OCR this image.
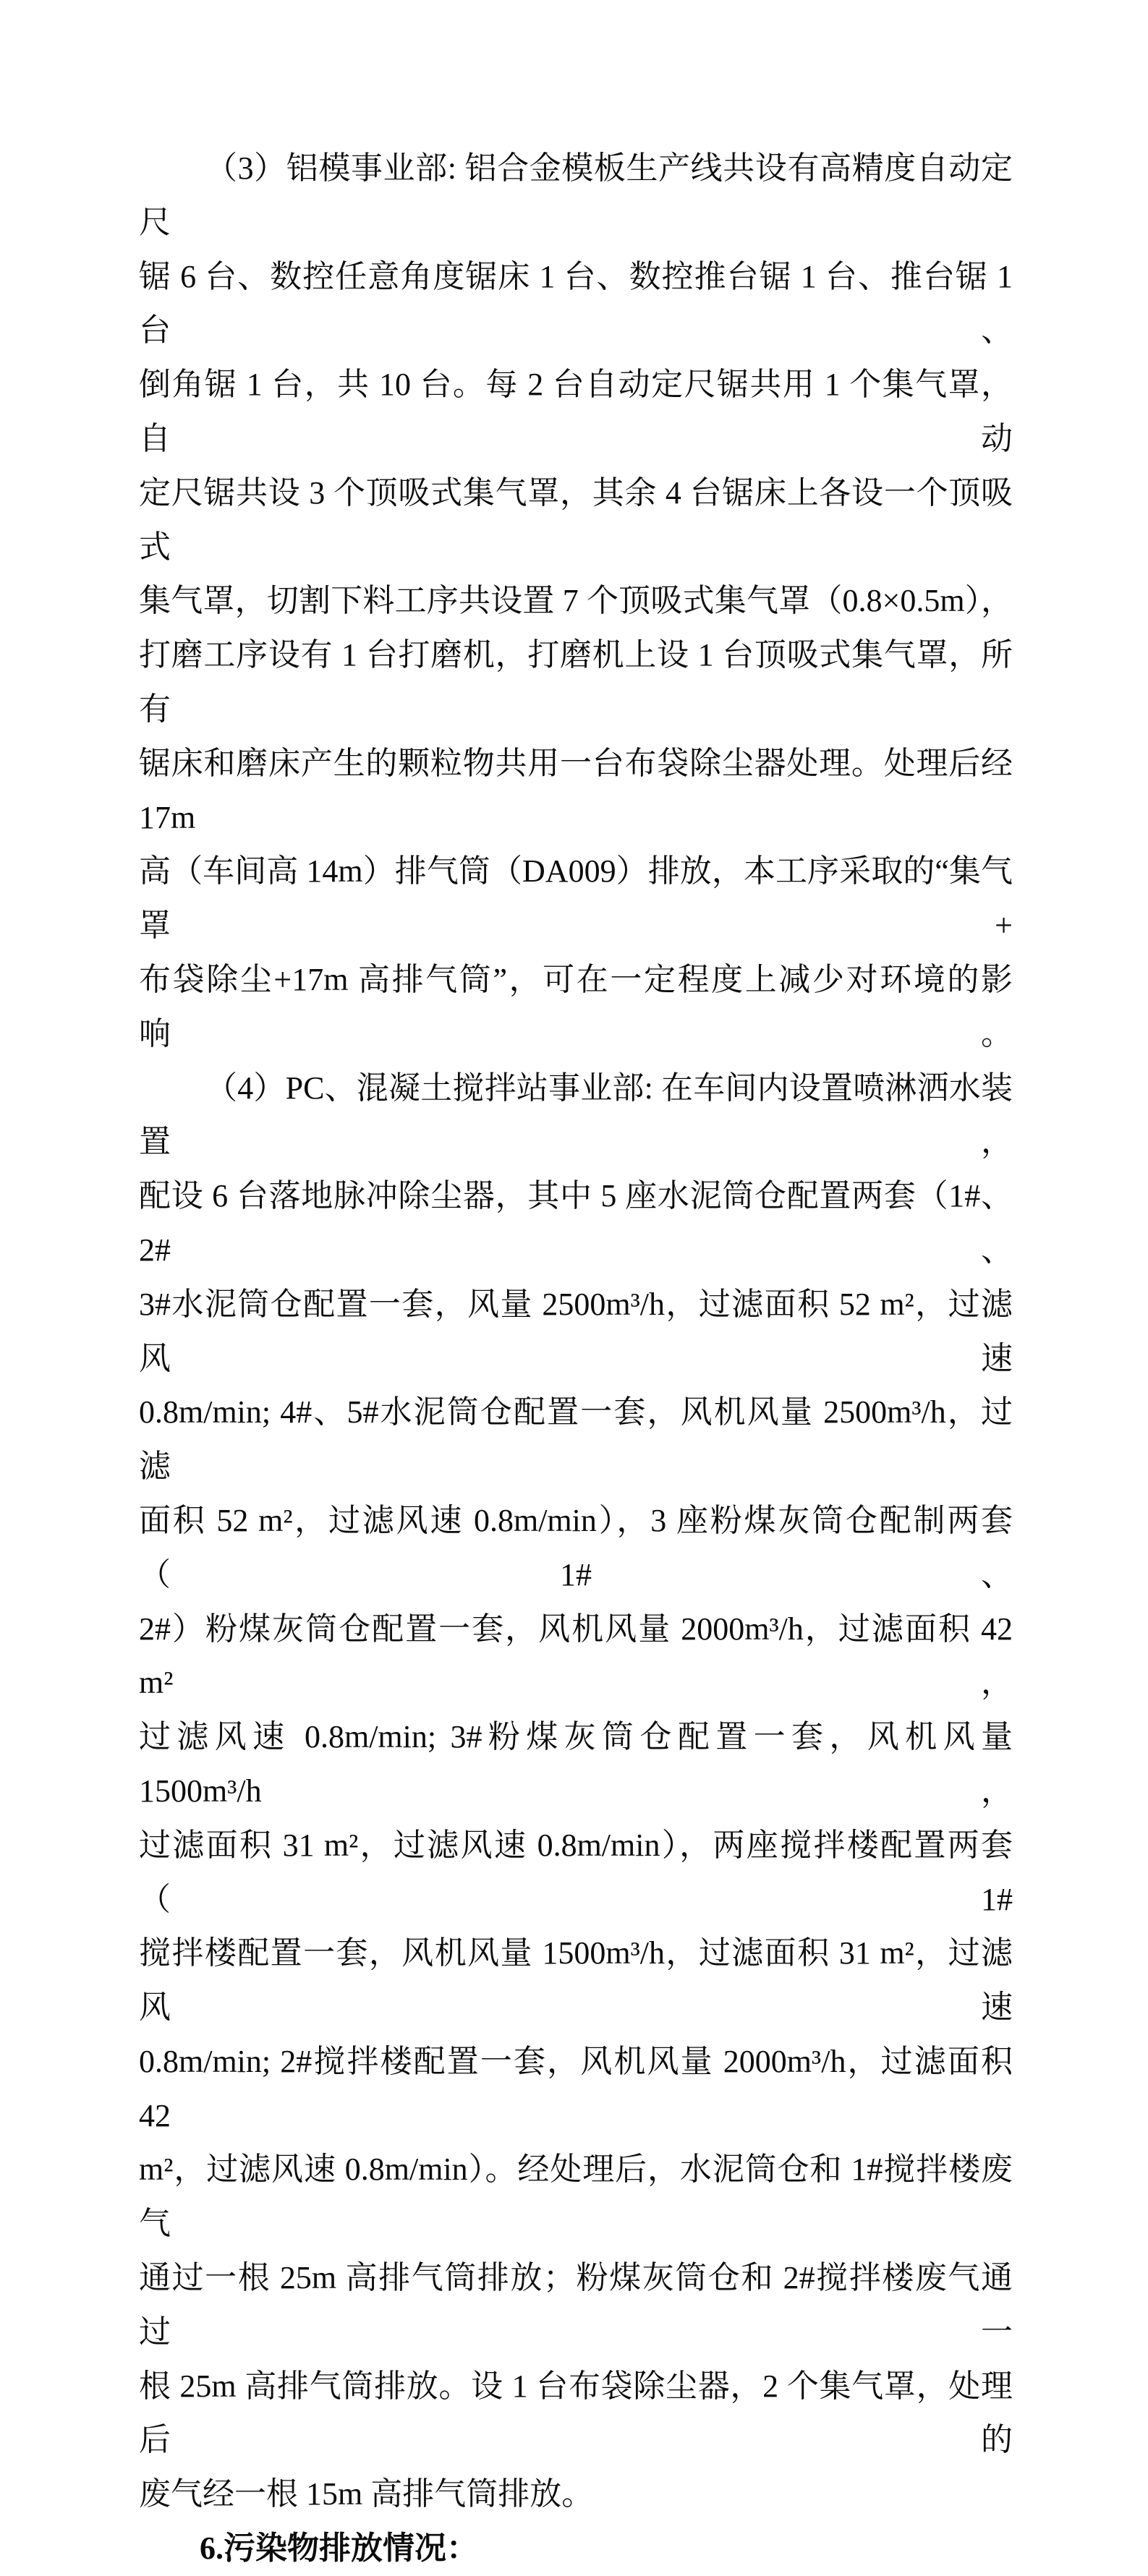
（3）铝模事业部: 铝合金模板生产线共设有高精度自动定尺

锯 6 台、数控任意角度锯床 1 台、数控推台锯 1 台、推台锯 1 台、

倒角锯 1 台，共 10 台。每 2 台自动定尺锯共用 1 个集气罩，自动

定尺锯共设 3 个顶吸式集气罩，其余 4 台锯床上各设一个顶吸式

集气罩，切割下料工序共设置 7 个顶吸式集气罩（0.8×0.5m），

打磨工序设有 1 台打磨机，打磨机上设 1 台顶吸式集气罩，所有

锯床和磨床产生的颗粒物共用一台布袋除尘器处理。处理后经 17m

高（车间高 14m）排气筒（DA009）排放，本工序采取的“集气罩+

布袋除尘+17m 高排气筒”，可在一定程度上减少对环境的影响。

（4）PC、混凝土搅拌站事业部: 在车间内设置喷淋洒水装置，

配设 6 台落地脉冲除尘器，其中 5 座水泥筒仓配置两套（1#、2#、

3#水泥筒仓配置一套，风量 2500m³/h，过滤面积 52 m²，过滤风速

0.8m/min; 4#、5#水泥筒仓配置一套，风机风量 2500m³/h，过滤

面积 52 m²，过滤风速 0.8m/min），3 座粉煤灰筒仓配制两套（1#、

2#）粉煤灰筒仓配置一套，风机风量 2000m³/h，过滤面积 42 m²，

过滤风速 0.8m/min; 3#粉煤灰筒仓配置一套，风机风量 1500m³/h，

过滤面积 31 m²，过滤风速 0.8m/min），两座搅拌楼配置两套（1#

搅拌楼配置一套，风机风量 1500m³/h，过滤面积 31 m²，过滤风速

0.8m/min; 2#搅拌楼配置一套，风机风量 2000m³/h，过滤面积 42

m²，过滤风速 0.8m/min）。经处理后，水泥筒仓和 1#搅拌楼废气

通过一根 25m 高排气筒排放；粉煤灰筒仓和 2#搅拌楼废气通过一

根 25m 高排气筒排放。设 1 台布袋除尘器，2 个集气罩，处理后的

废气经一根 15m 高排气筒排放。

6.污染物排放情况：
